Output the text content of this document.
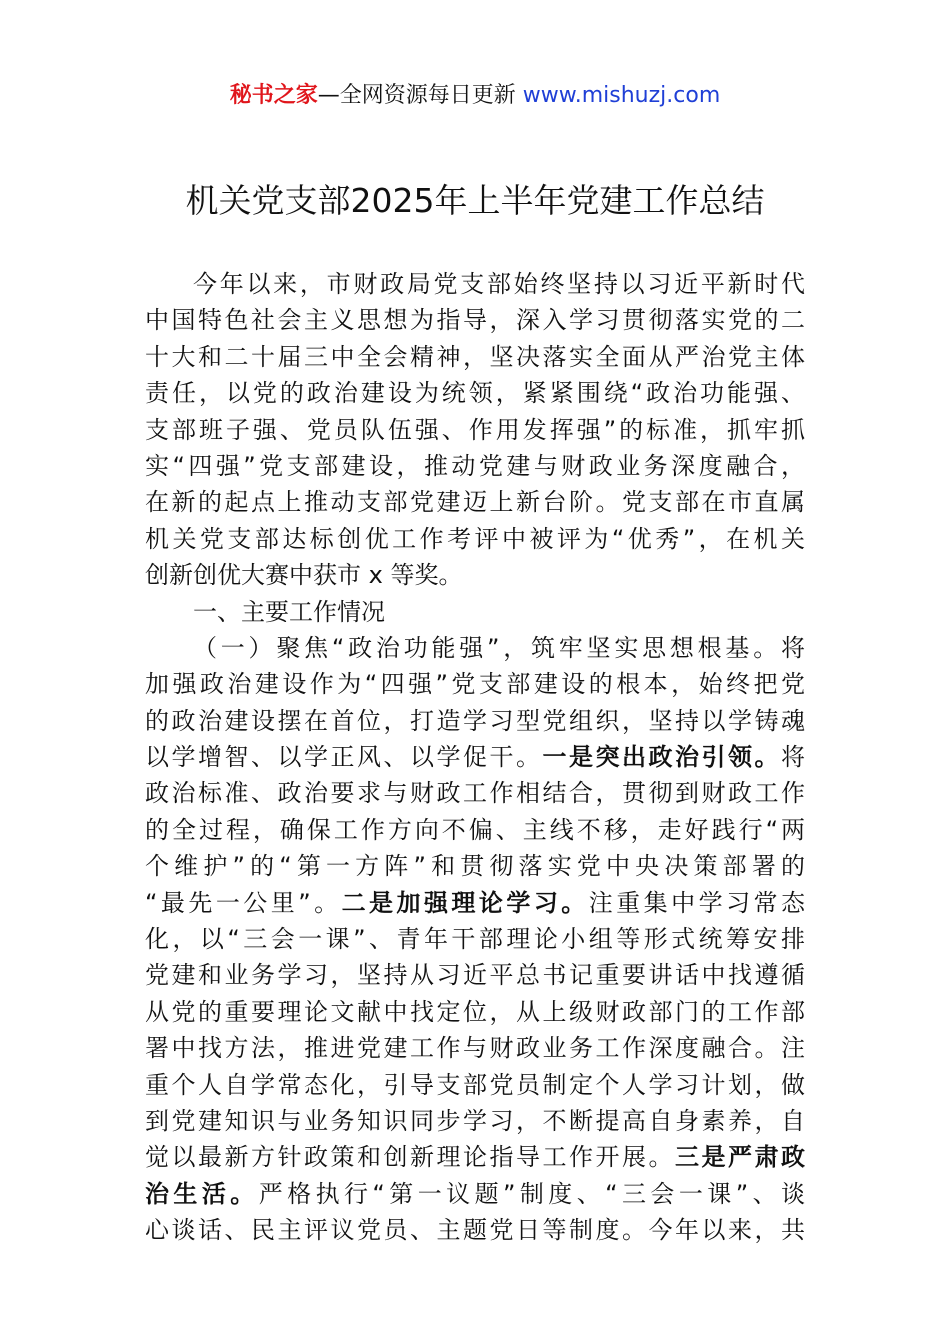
秘书之家—全网资源每日更新 www.mishuzj.com
机关党支部2025年上半年党建工作总结
今年以来，市财政局党支部始终坚持以习近平新时代
中国特色社会主义思想为指导，深入学习贯彻落实党的二
十大和二十届三中全会精神，坚决落实全面从严治党主体
责任，以党的政治建设为统领，紧紧围绕“政治功能强、
支部班子强、党员队伍强、作用发挥强”的标准，抓牢抓
实“四强”党支部建设，推动党建与财政业务深度融合，
在新的起点上推动支部党建迈上新台阶。党支部在市直属
机关党支部达标创优工作考评中被评为“优秀”，在机关
创新创优大赛中获市 x 等奖。
一、主要工作情况
（一）聚焦“政治功能强”，筑牢坚实思想根基。将
加强政治建设作为“四强”党支部建设的根本，始终把党
的政治建设摆在首位，打造学习型党组织，坚持以学铸魂
以学增智、以学正风、以学促干。一是突出政治引领。将
政治标准、政治要求与财政工作相结合，贯彻到财政工作
的全过程，确保工作方向不偏、主线不移，走好践行“两
个维护”的“第一方阵”和贯彻落实党中央决策部署的
“最先一公里”。二是加强理论学习。注重集中学习常态
化，以“三会一课”、青年干部理论小组等形式统筹安排
党建和业务学习，坚持从习近平总书记重要讲话中找遵循
从党的重要理论文献中找定位，从上级财政部门的工作部
署中找方法，推进党建工作与财政业务工作深度融合。注
重个人自学常态化，引导支部党员制定个人学习计划，做
到党建知识与业务知识同步学习，不断提高自身素养，自
觉以最新方针政策和创新理论指导工作开展。三是严肃政
治生活。严格执行“第一议题”制度、“三会一课”、谈
心谈话、民主评议党员、主题党日等制度。今年以来，共
